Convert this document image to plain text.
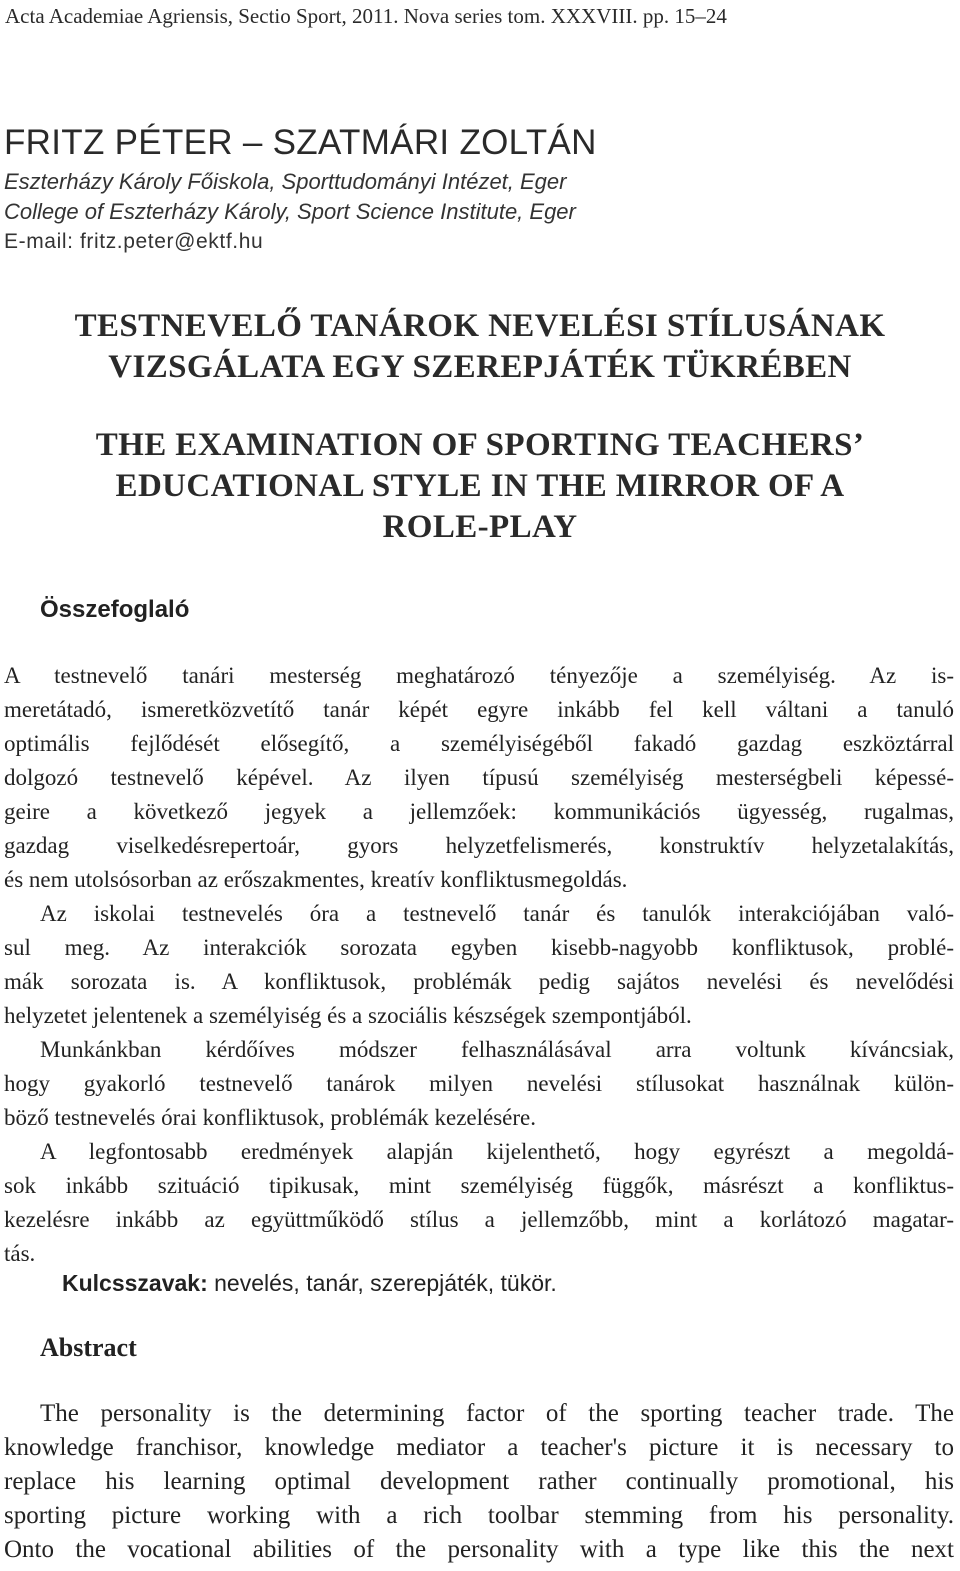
Acta Academiae Agriensis, Sectio Sport, 2011. Nova series tom. XXXVIII. pp. 15–24
FRITZ PÉTER – SZATMÁRI ZOLTÁN
Eszterházy Károly Főiskola, Sporttudományi Intézet, Eger
College of Eszterházy Károly, Sport Science Institute, Eger
E-mail: fritz.peter@ektf.hu
TESTNEVELŐ TANÁROK NEVELÉSI STÍLUSÁNAK
VIZSGÁLATA EGY SZEREPJÁTÉK TÜKRÉBEN
THE EXAMINATION OF SPORTING TEACHERS’
EDUCATIONAL STYLE IN THE MIRROR OF A
ROLE-PLAY
Összefoglaló
A testnevelő tanári mesterség meghatározó tényezője a személyiség. Az is-
meretátadó, ismeretközvetítő tanár képét egyre inkább fel kell váltani a tanuló
optimális fejlődését elősegítő, a személyiségéből fakadó gazdag eszköztárral
dolgozó testnevelő képével. Az ilyen típusú személyiség mesterségbeli képessé-
geire a következő jegyek a jellemzőek: kommunikációs ügyesség, rugalmas,
gazdag viselkedésrepertoár, gyors helyzetfelismerés, konstruktív helyzetalakítás,
és nem utolsósorban az erőszakmentes, kreatív konfliktusmegoldás.
Az iskolai testnevelés óra a testnevelő tanár és tanulók interakciójában való-
sul meg. Az interakciók sorozata egyben kisebb-nagyobb konfliktusok, problé-
mák sorozata is. A konfliktusok, problémák pedig sajátos nevelési és nevelődési
helyzetet jelentenek a személyiség és a szociális készségek szempontjából.
Munkánkban kérdőíves módszer felhasználásával arra voltunk kíváncsiak,
hogy gyakorló testnevelő tanárok milyen nevelési stílusokat használnak külön-
böző testnevelés órai konfliktusok, problémák kezelésére.
A legfontosabb eredmények alapján kijelenthető, hogy egyrészt a megoldá-
sok inkább szituáció tipikusak, mint személyiség függők, másrészt a konfliktus-
kezelésre inkább az együttműködő stílus a jellemzőbb, mint a korlátozó magatar-
tás.
Kulcsszavak: nevelés, tanár, szerepjáték, tükör.
Abstract
The personality is the determining factor of the sporting teacher trade. The
knowledge franchisor, knowledge mediator a teacher's picture it is necessary to
replace his learning optimal development rather continually promotional, his
sporting picture working with a rich toolbar stemming from his personality.
Onto the vocational abilities of the personality with a type like this the next
